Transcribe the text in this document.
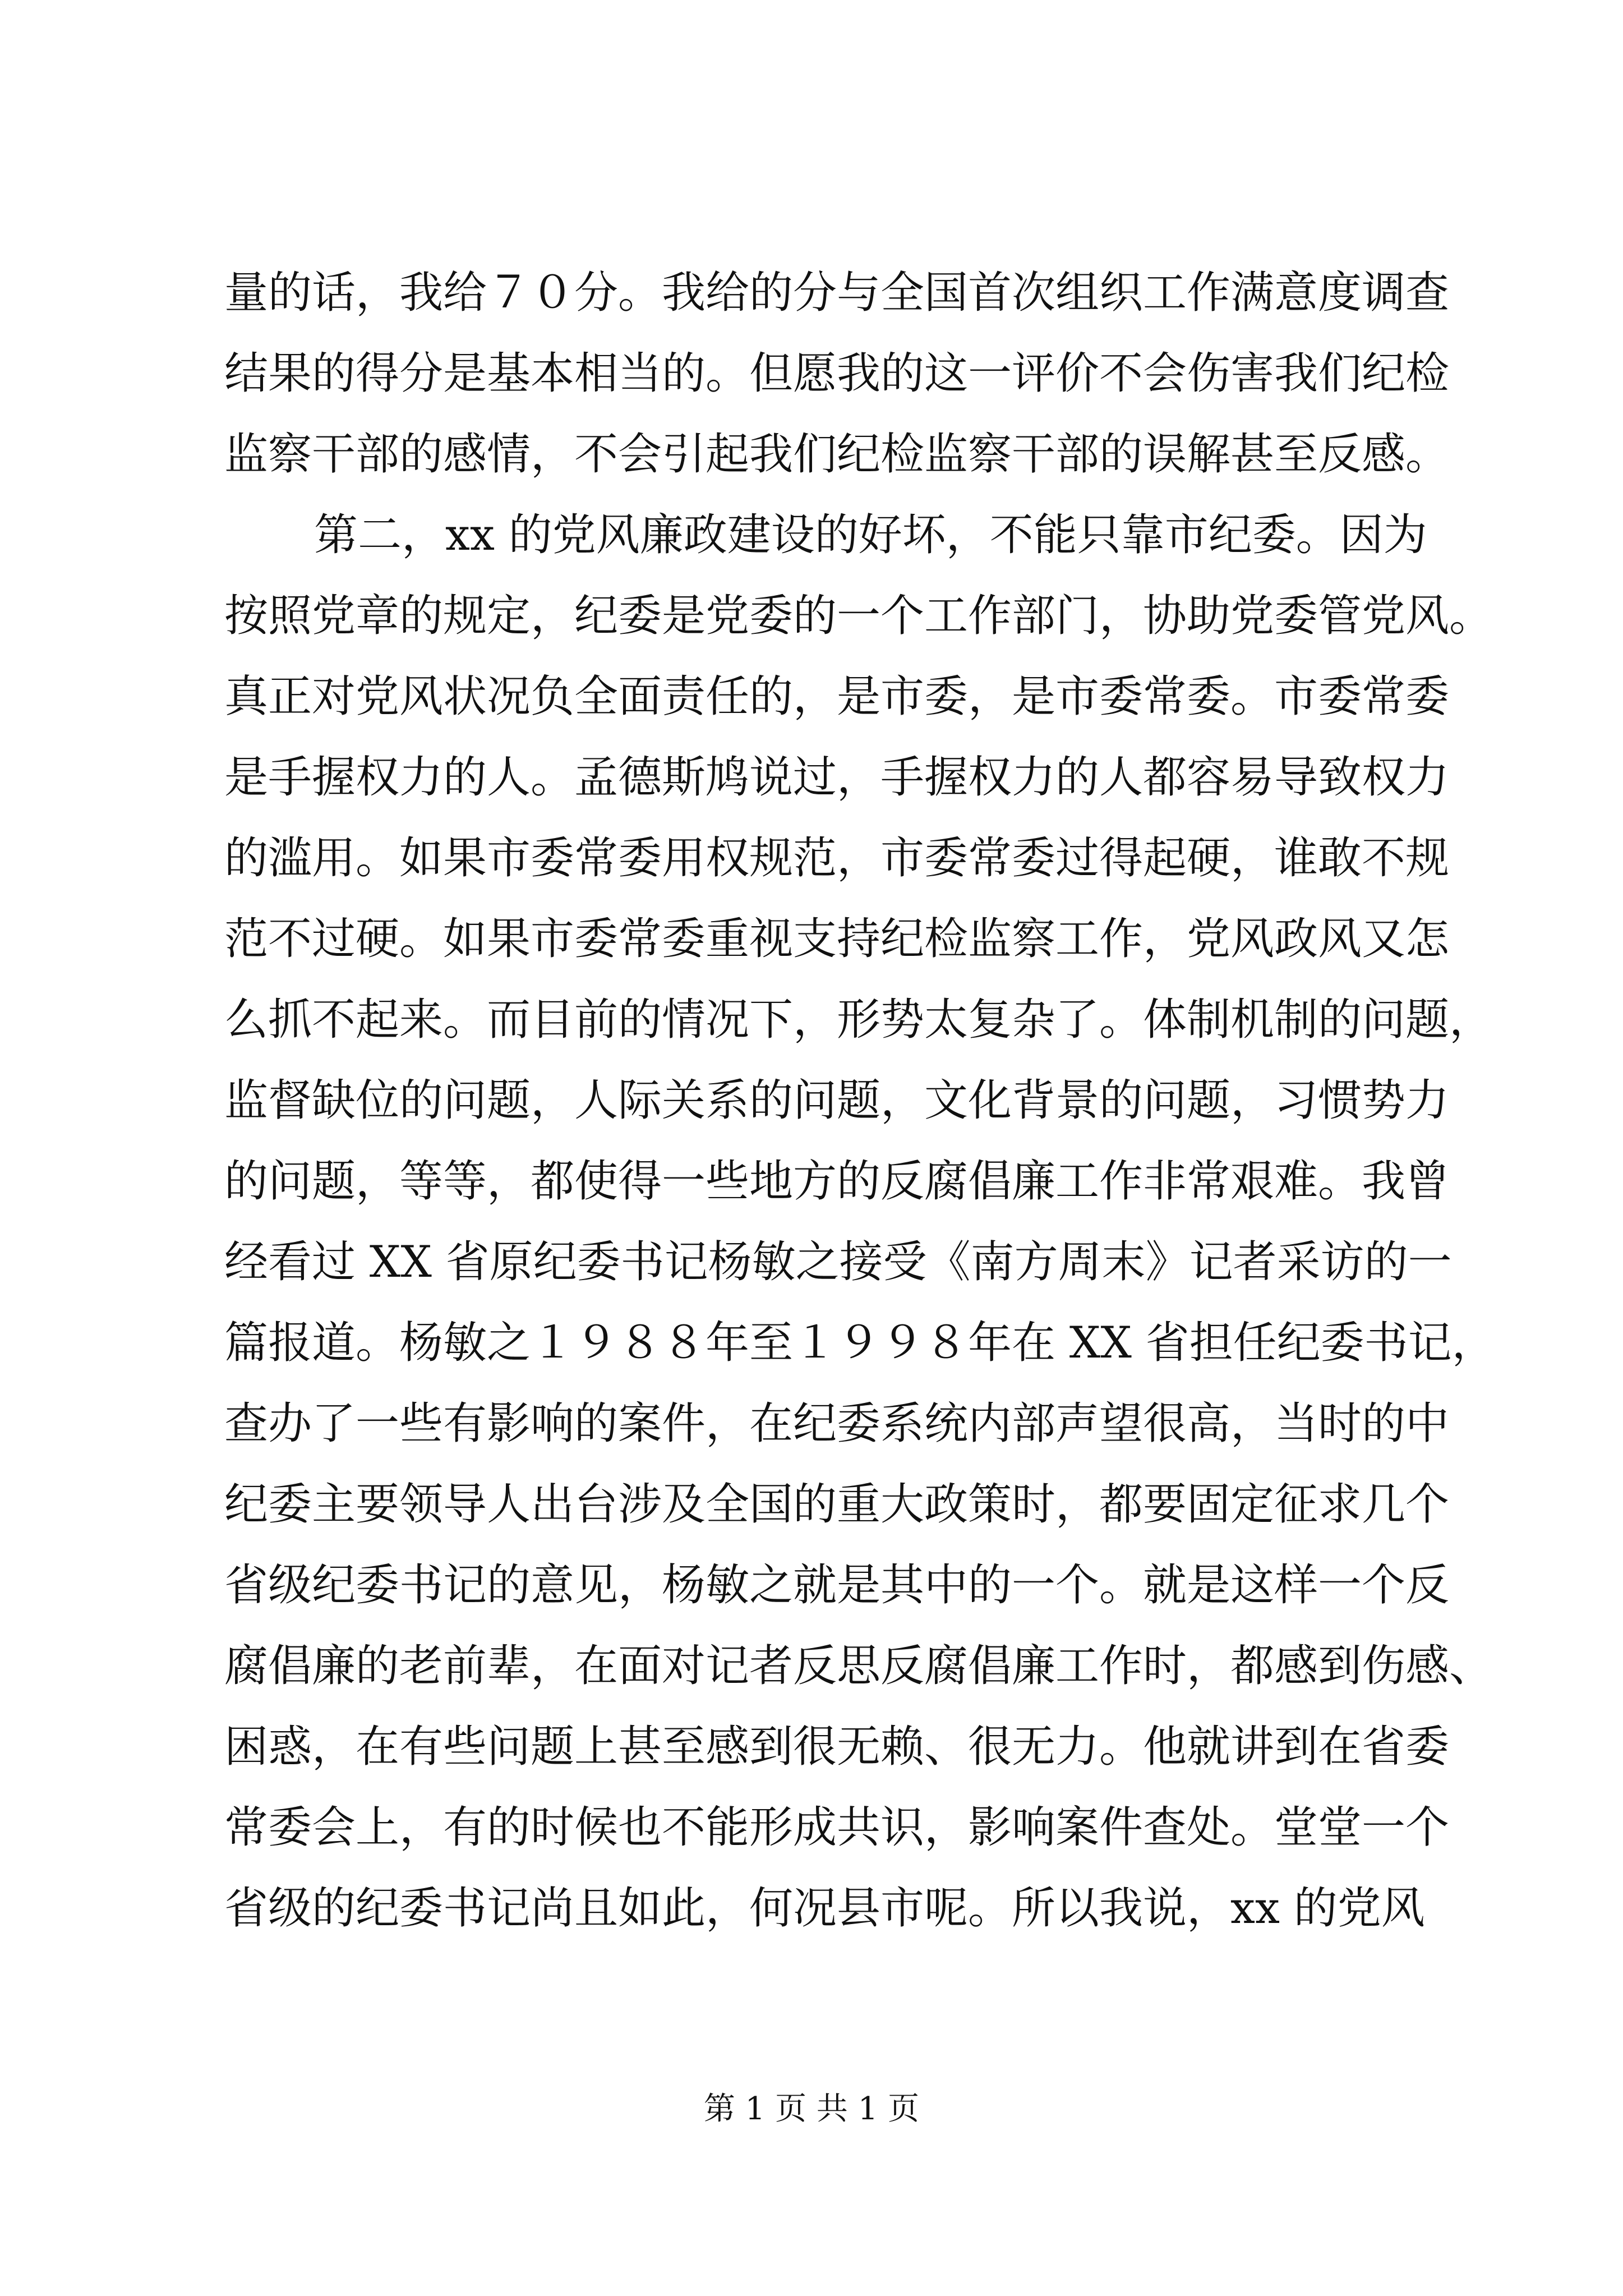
量的话，我给７０分。我给的分与全国首次组织工作满意度调查
结果的得分是基本相当的。但愿我的这一评价不会伤害我们纪检
监察干部的感情，不会引起我们纪检监察干部的误解甚至反感。
第二，xx 的党风廉政建设的好坏，不能只靠市纪委。因为
按照党章的规定，纪委是党委的一个工作部门，协助党委管党风。
真正对党风状况负全面责任的，是市委，是市委常委。市委常委
是手握权力的人。孟德斯鸠说过，手握权力的人都容易导致权力
的滥用。如果市委常委用权规范，市委常委过得起硬，谁敢不规
范不过硬。如果市委常委重视支持纪检监察工作，党风政风又怎
么抓不起来。而目前的情况下，形势太复杂了。体制机制的问题，
监督缺位的问题，人际关系的问题，文化背景的问题，习惯势力
的问题，等等，都使得一些地方的反腐倡廉工作非常艰难。我曾
经看过 XX 省原纪委书记杨敏之接受《南方周末》记者采访的一
篇报道。杨敏之１９８８年至１９９８年在 XX 省担任纪委书记，
查办了一些有影响的案件，在纪委系统内部声望很高，当时的中
纪委主要领导人出台涉及全国的重大政策时，都要固定征求几个
省级纪委书记的意见，杨敏之就是其中的一个。就是这样一个反
腐倡廉的老前辈，在面对记者反思反腐倡廉工作时，都感到伤感、
困惑，在有些问题上甚至感到很无赖、很无力。他就讲到在省委
常委会上，有的时候也不能形成共识，影响案件查处。堂堂一个
省级的纪委书记尚且如此，何况县市呢。所以我说，xx 的党风
第 1 页 共 1 页
